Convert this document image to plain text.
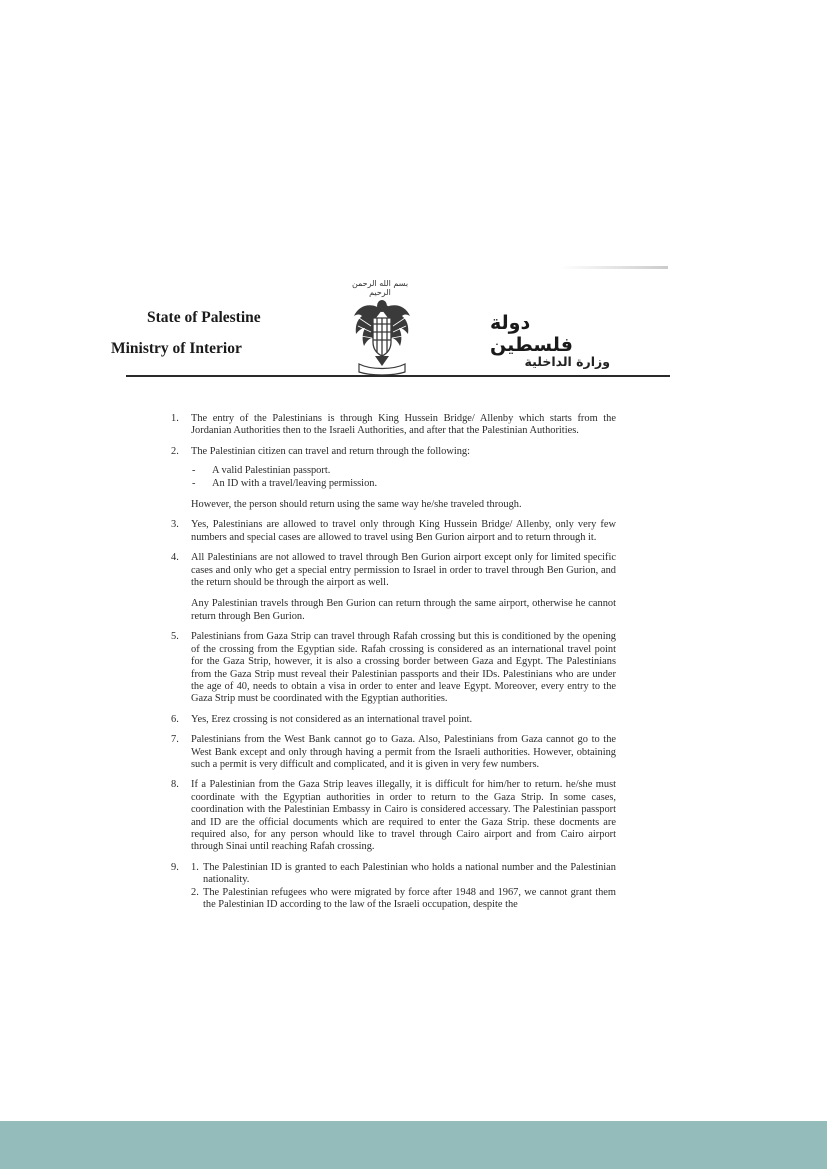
State of Palestine
Ministry of Interior
بسم الله الرحمن الرحيم
دولة فلسطين
وزارة الداخلية
1. The entry of the Palestinians is through King Hussein Bridge/ Allenby which starts from the Jordanian Authorities then to the Israeli Authorities, and after that the Palestinian Authorities.
2. The Palestinian citizen can travel and return through the following:
- A valid Palestinian passport.
- An ID with a travel/leaving permission.
However, the person should return using the same way he/she traveled through.
3. Yes, Palestinians are allowed to travel only through King Hussein Bridge/ Allenby, only very few numbers and special cases are allowed to travel using Ben Gurion airport and to return through it.
4. All Palestinians are not allowed to travel through Ben Gurion airport except only for limited specific cases and only who get a special entry permission to Israel in order to travel through Ben Gurion, and the return should be through the airport as well.
Any Palestinian travels through Ben Gurion can return through the same airport, otherwise he cannot return through Ben Gurion.
5. Palestinians from Gaza Strip can travel through Rafah crossing but this is conditioned by the opening of the crossing from the Egyptian side. Rafah crossing is considered as an international travel point for the Gaza Strip, however, it is also a crossing border between Gaza and Egypt. The Palestinians from the Gaza Strip must reveal their Palestinian passports and their IDs. Palestinians who are under the age of 40, needs to obtain a visa in order to enter and leave Egypt. Moreover, every entry to the Gaza Strip must be coordinated with the Egyptian authorities.
6. Yes, Erez crossing is not considered as an international travel point.
7. Palestinians from the West Bank cannot go to Gaza. Also, Palestinians from Gaza cannot go to the West Bank except and only through having a permit from the Israeli authorities. However, obtaining such a permit is very difficult and complicated, and it is given in very few numbers.
8. If a Palestinian from the Gaza Strip leaves illegally, it is difficult for him/her to return. he/she must coordinate with the Egyptian authorities in order to return to the Gaza Strip. In some cases, coordination with the Palestinian Embassy in Cairo is considered accessary. The Palestinian passport and ID are the official documents which are required to enter the Gaza Strip. these docments are required also, for any person whould like to travel through Cairo airport and from Cairo airport through Sinai until reaching Rafah crossing.
9. 1. The Palestinian ID is granted to each Palestinian who holds a national number and the Palestinian nationality.
2. The Palestinian refugees who were migrated by force after 1948 and 1967, we cannot grant them the Palestinian ID according to the law of the Israeli occupation, despite the
